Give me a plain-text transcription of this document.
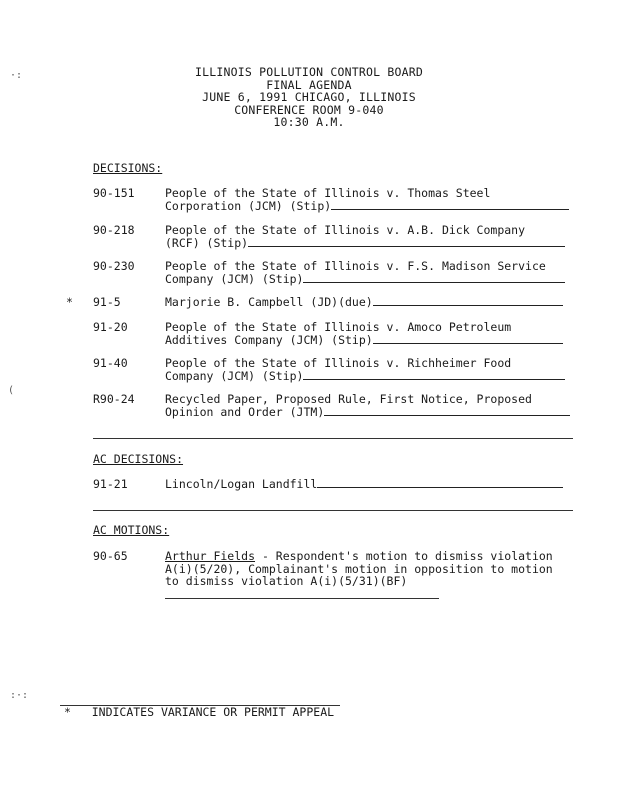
ILLINOIS POLLUTION CONTROL BOARD
FINAL AGENDA
JUNE 6, 1991 CHICAGO, ILLINOIS
CONFERENCE ROOM 9-040
10:30 A.M.
·:
(
:·:
DECISIONS:
90-151	People of the State of Illinois v. Thomas Steel
Corporation (JCM) (Stip)
90-218	People of the State of Illinois v. A.B. Dick Company
(RCF) (Stip)
90-230	People of the State of Illinois v. F.S. Madison Service
Company (JCM) (Stip)
* 91-5	Marjorie B. Campbell (JD)(due)
91-20	People of the State of Illinois v. Amoco Petroleum
Additives Company (JCM) (Stip)
91-40	People of the State of Illinois v. Richheimer Food
Company (JCM) (Stip)
R90-24	Recycled Paper, Proposed Rule, First Notice, Proposed
Opinion and Order (JTM)
AC DECISIONS:
91-21	Lincoln/Logan Landfill
AC MOTIONS:
90-65	Arthur Fields - Respondent's motion to dismiss violation
A(i)(5/20), Complainant's motion in opposition to motion
to dismiss violation A(i)(5/31)(BF)
* INDICATES VARIANCE OR PERMIT APPEAL
